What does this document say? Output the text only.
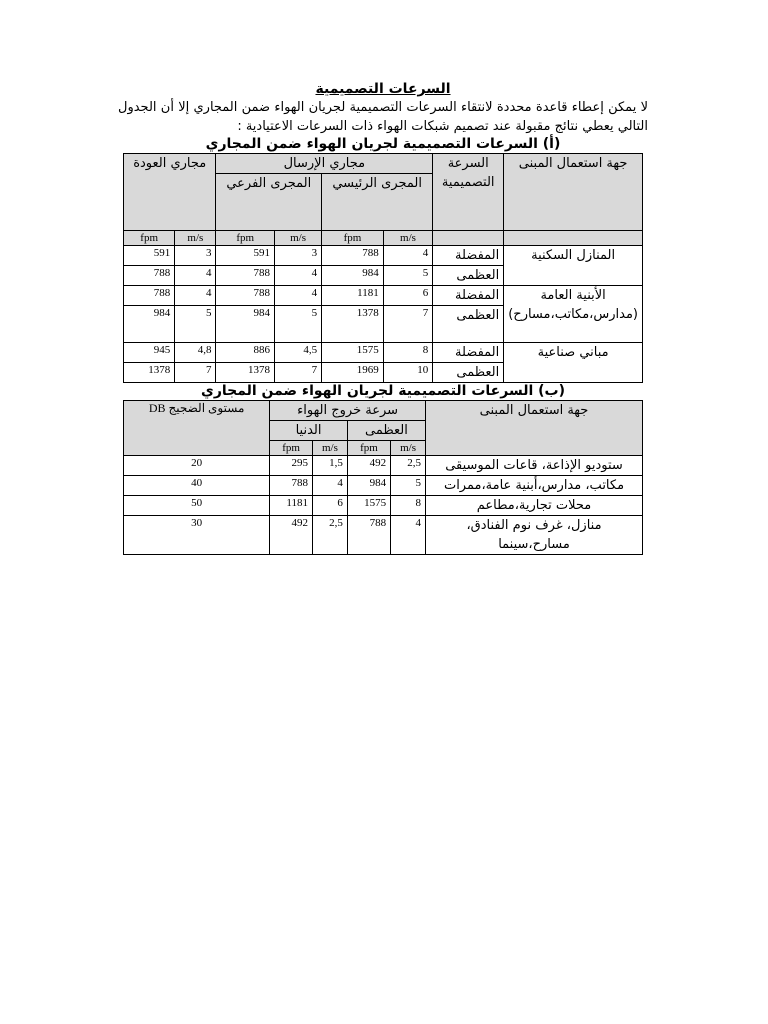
السرعات التصميمية
لا يمكن إعطاء قاعدة محددة لانتقاء السرعات التصميمية لجريان الهواء ضمن المجاري إلا أن الجدول التالي يعطي نتائج مقبولة عند تصميم شبكات الهواء ذات السرعات الاعتيادية :
(أ) السرعات التصميمية لجريان الهواء ضمن المجاري
جهة استعمال المبنى	السرعة التصميمية	مجاري الإرسال				مجاري العودة	
		المجرى الرئيسي		المجرى الفرعي			
		m/s	fpm	m/s	fpm	m/s	fpm
المنازل السكنية	المفضلة	4	788	3	591	3	591
	العظمى	5	984	4	788	4	788
الأبنية العامة (مدارس،مكاتب،مسارح)	المفضلة	6	1181	4	788	4	788
	العظمى	7	1378	5	984	5	984
مباني صناعية	المفضلة	8	1575	4,5	886	4,8	945
	العظمى	10	1969	7	1378	7	1378
(ب) السرعات التصميمية لجريان الهواء ضمن المجاري
جهة استعمال المبنى	سرعة خروج الهواء				مستوى الضجيج DB
	العظمى		الدنيا		
	m/s	fpm	m/s	fpm	
ستوديو الإذاعة، قاعات الموسيقى	2,5	492	1,5	295	20
مكاتب، مدارس،أبنية عامة،ممرات	5	984	4	788	40
محلات تجارية،مطاعم	8	1575	6	1181	50
منازل، غرف نوم الفنادق، مسارح،سينما	4	788	2,5	492	30
